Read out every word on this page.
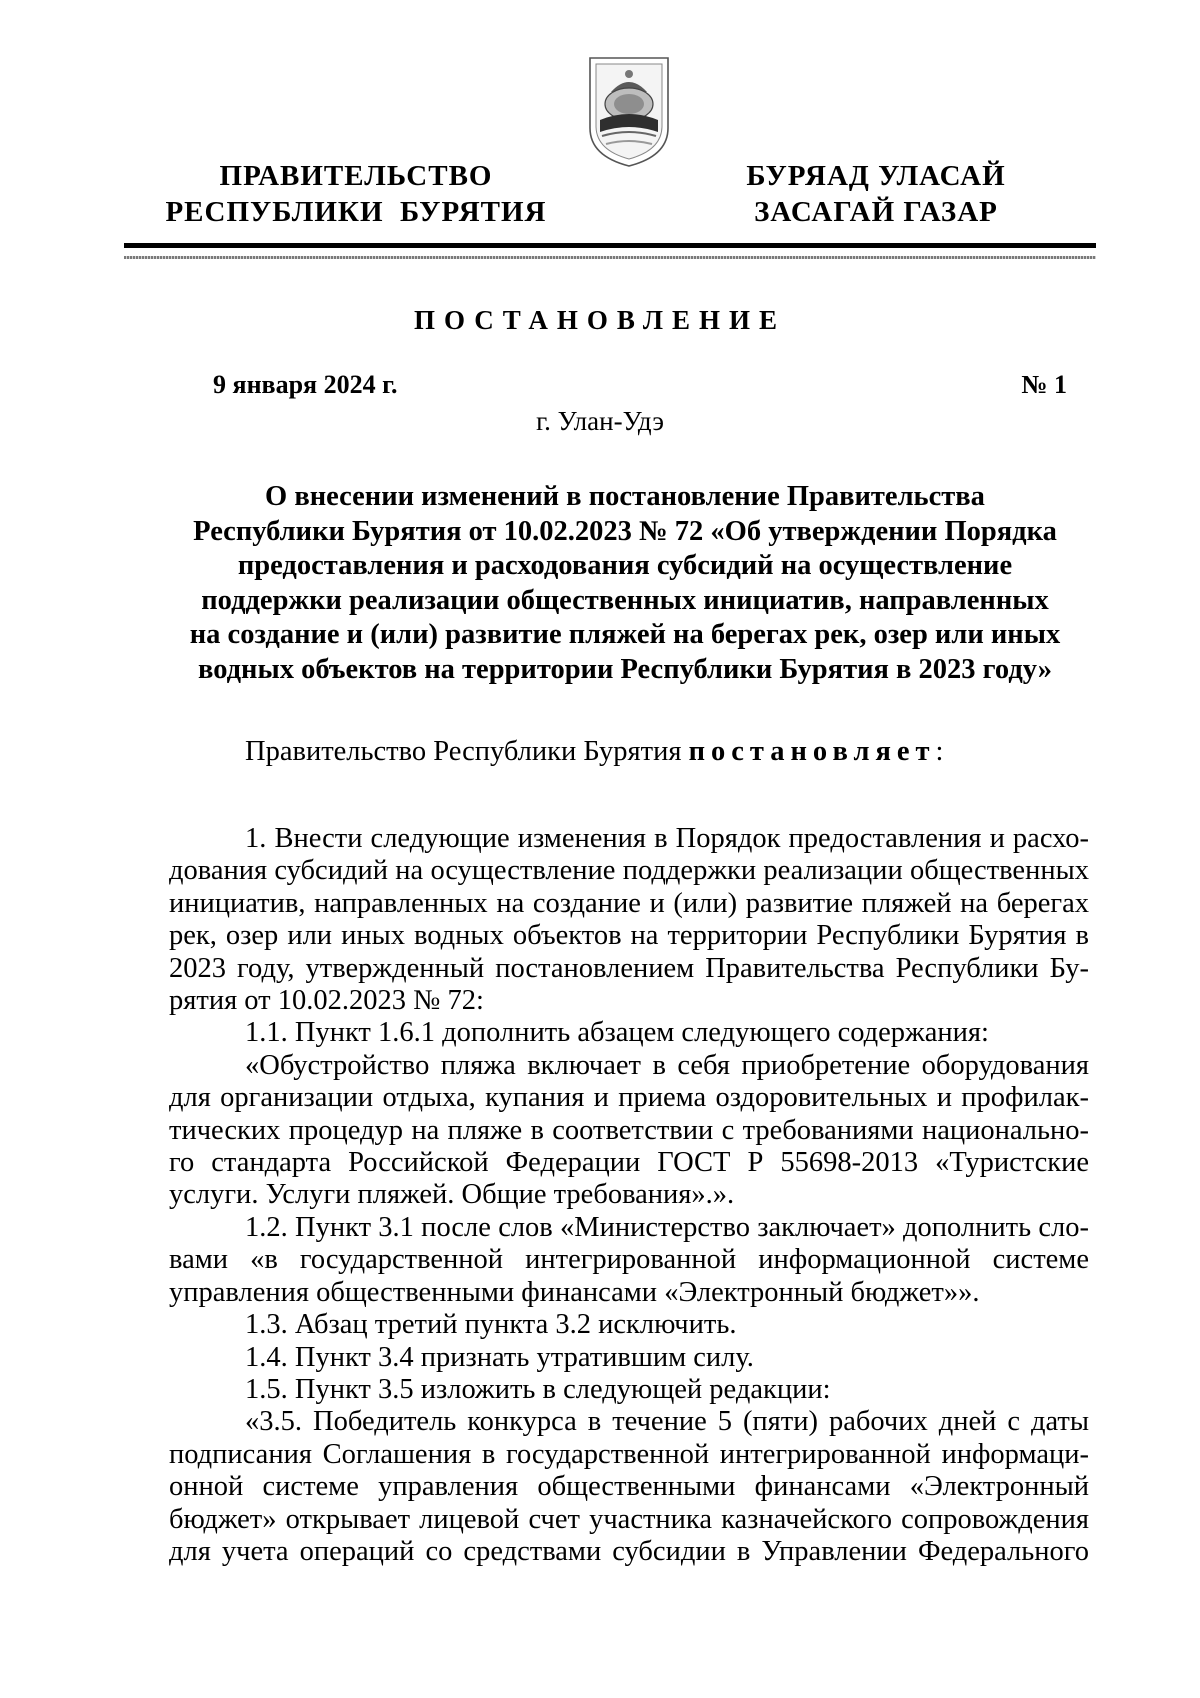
ПРАВИТЕЛЬСТВО
РЕСПУБЛИКИ  БУРЯТИЯ
БУРЯАД УЛАСАЙ
ЗАСАГАЙ ГАЗАР
ПОСТАНОВЛЕНИЕ
9 января 2024 г.	№ 1
г. Улан-Удэ
О внесении изменений в постановление Правительства
Республики Бурятия от 10.02.2023 № 72 «Об утверждении Порядка
предоставления и расходования субсидий на осуществление
поддержки реализации общественных инициатив, направленных
на создание и (или) развитие пляжей на берегах рек, озер или иных
водных объектов на территории Республики Бурятия в 2023 году»
Правительство Республики Бурятия постановляет:
1. Внести следующие изменения в Порядок предоставления и расхо-
дования субсидий на осуществление поддержки реализации общественных
инициатив, направленных на создание и (или) развитие пляжей на берегах
рек, озер или иных водных объектов на территории Республики Бурятия в
2023 году, утвержденный постановлением Правительства Республики Бу-
рятия от 10.02.2023 № 72:
1.1. Пункт 1.6.1 дополнить абзацем следующего содержания:
«Обустройство пляжа включает в себя приобретение оборудования
для организации отдыха, купания и приема оздоровительных и профилак-
тических процедур на пляже в соответствии с требованиями национально-
го стандарта Российской Федерации ГОСТ Р 55698-2013 «Туристские
услуги. Услуги пляжей. Общие требования».».
1.2. Пункт 3.1 после слов «Министерство заключает» дополнить сло-
вами «в государственной интегрированной информационной системе
управления общественными финансами «Электронный бюджет»».
1.3. Абзац третий пункта 3.2 исключить.
1.4. Пункт 3.4 признать утратившим силу.
1.5. Пункт 3.5 изложить в следующей редакции:
«3.5. Победитель конкурса в течение 5 (пяти) рабочих дней с даты
подписания Соглашения в государственной интегрированной информаци-
онной системе управления общественными финансами «Электронный
бюджет» открывает лицевой счет участника казначейского сопровождения
для учета операций со средствами субсидии в Управлении Федерального
